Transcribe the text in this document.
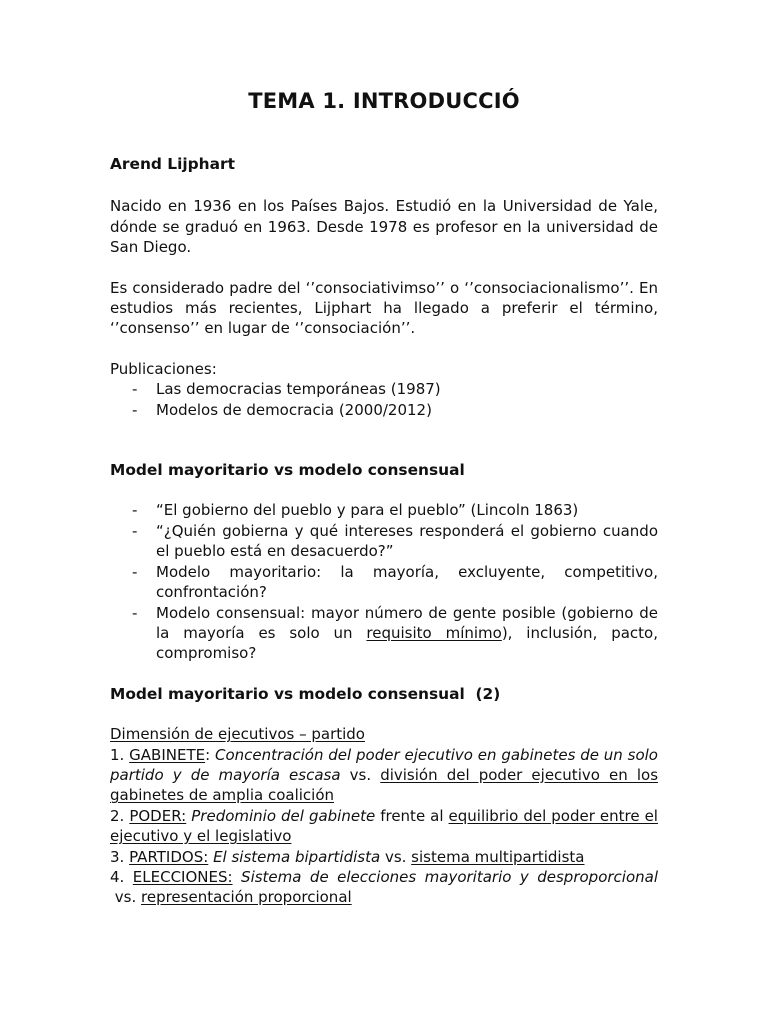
TEMA 1. INTRODUCCIÓ

Arend Lijphart

Nacido en 1936 en los Países Bajos. Estudió en la Universidad de Yale, dónde se graduó en 1963. Desde 1978 es profesor en la universidad de San Diego.

Es considerado padre del ‘’consociativimso’’ o ‘’consociacionalismo’’. En estudios más recientes, Lijphart ha llegado a preferir el término, ‘’consenso’’ en lugar de ‘’consociación’’.

Publicaciones:

- Las democracias temporáneas (1987)
- Modelos de democracia (2000/2012)

Model mayoritario vs modelo consensual

- “El gobierno del pueblo y para el pueblo” (Lincoln 1863)
- “¿Quién gobierna y qué intereses responderá el gobierno cuando el pueblo está en desacuerdo?”
- Modelo mayoritario: la mayoría, excluyente, competitivo, confrontación?
- Modelo consensual: mayor número de gente posible (gobierno de la mayoría es solo un requisito mínimo), inclusión, pacto, compromiso?

Model mayoritario vs modelo consensual  (2)

Dimensión de ejecutivos – partido

1. GABINETE: Concentración del poder ejecutivo en gabinetes de un solo partido y de mayoría escasa vs. división del poder ejecutivo en los gabinetes de amplia coalición

2. PODER: Predominio del gabinete frente al equilibrio del poder entre el ejecutivo y el legislativo

3. PARTIDOS: El sistema bipartidista vs. sistema multipartidista

4. ELECCIONES: Sistema de elecciones mayoritario y desproporcional vs. representación proporcional
